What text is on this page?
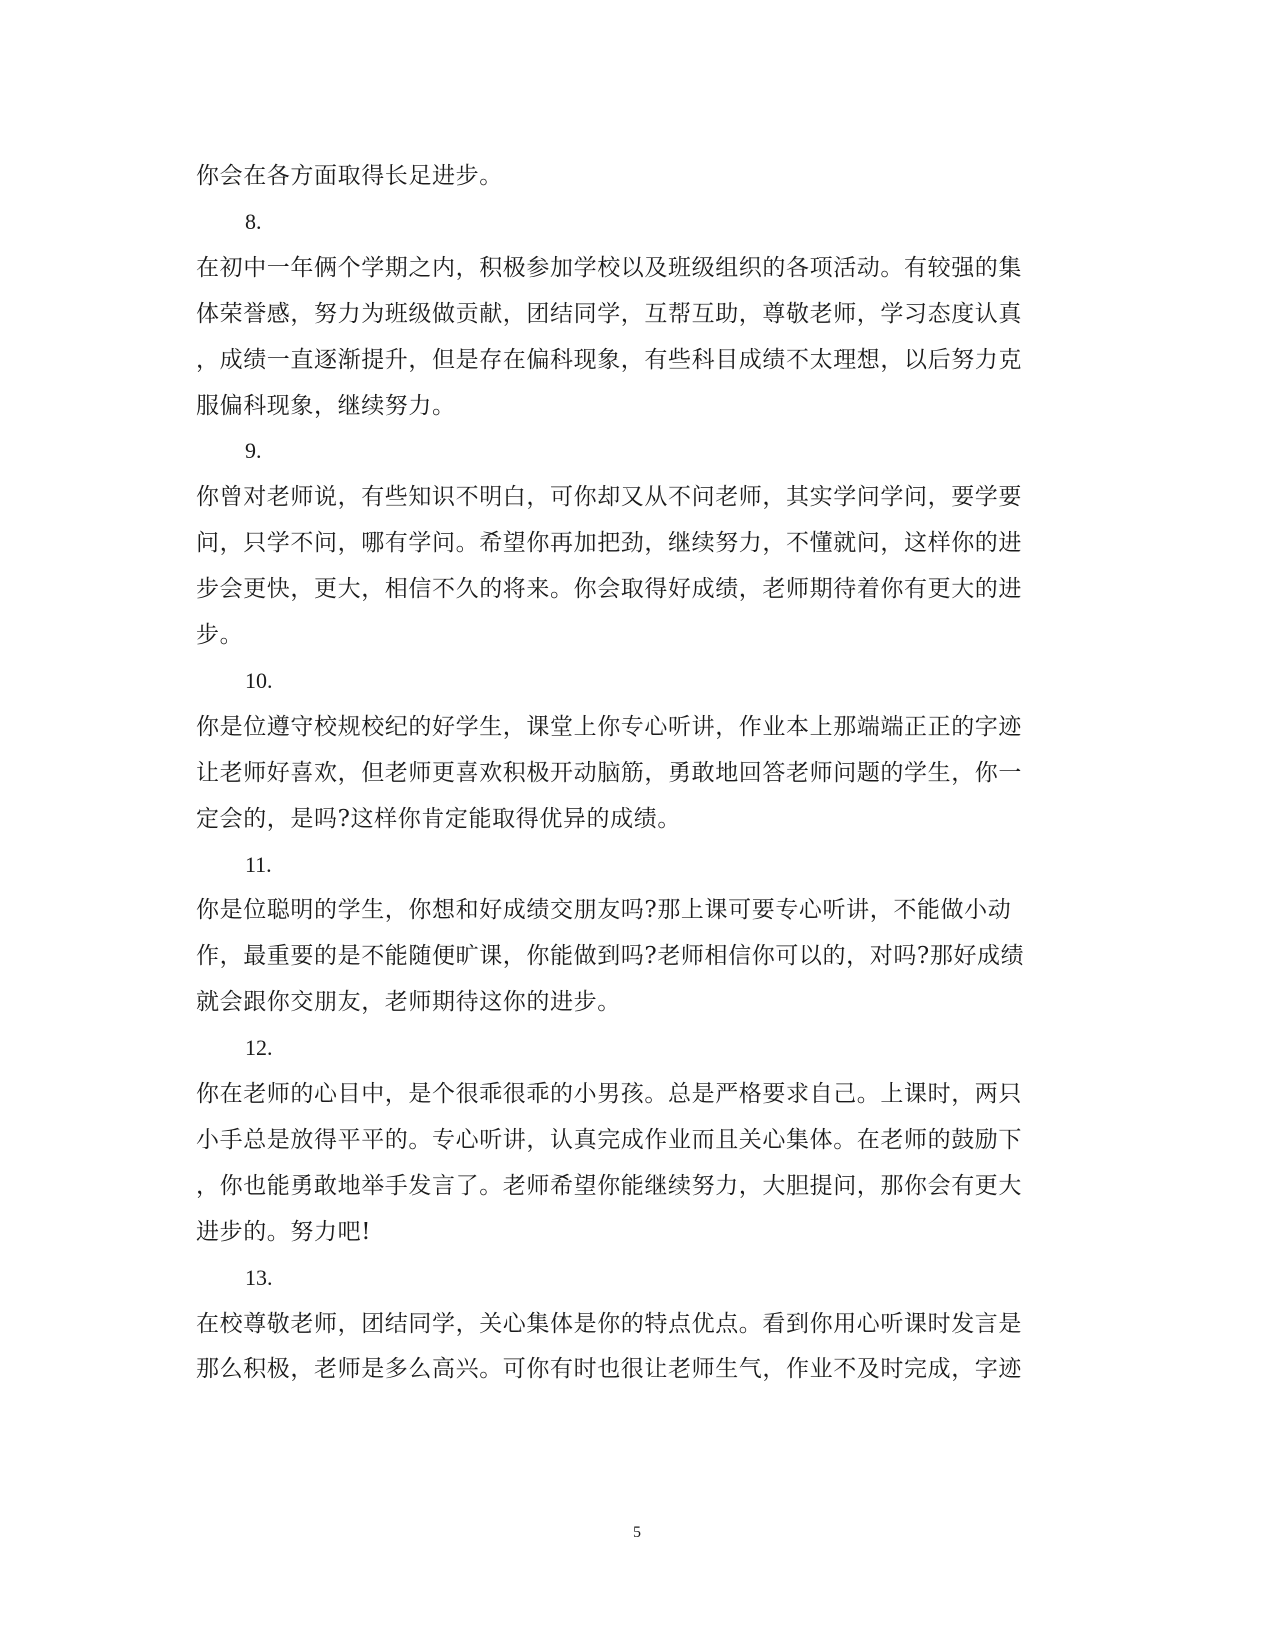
你会在各方面取得长足进步。
8.
在初中一年俩个学期之内，积极参加学校以及班级组织的各项活动。有较强的集
体荣誉感，努力为班级做贡献，团结同学，互帮互助，尊敬老师，学习态度认真
，成绩一直逐渐提升，但是存在偏科现象，有些科目成绩不太理想，以后努力克
服偏科现象，继续努力。
9.
你曾对老师说，有些知识不明白，可你却又从不问老师，其实学问学问，要学要
问，只学不问，哪有学问。希望你再加把劲，继续努力，不懂就问，这样你的进
步会更快，更大，相信不久的将来。你会取得好成绩，老师期待着你有更大的进
步。
10.
你是位遵守校规校纪的好学生，课堂上你专心听讲，作业本上那端端正正的字迹
让老师好喜欢，但老师更喜欢积极开动脑筋，勇敢地回答老师问题的学生，你一
定会的，是吗?这样你肯定能取得优异的成绩。
11.
你是位聪明的学生，你想和好成绩交朋友吗?那上课可要专心听讲，不能做小动
作，最重要的是不能随便旷课，你能做到吗?老师相信你可以的，对吗?那好成绩
就会跟你交朋友，老师期待这你的进步。
12.
你在老师的心目中，是个很乖很乖的小男孩。总是严格要求自己。上课时，两只
小手总是放得平平的。专心听讲，认真完成作业而且关心集体。在老师的鼓励下
，你也能勇敢地举手发言了。老师希望你能继续努力，大胆提问，那你会有更大
进步的。努力吧!
13.
在校尊敬老师，团结同学，关心集体是你的特点优点。看到你用心听课时发言是
那么积极，老师是多么高兴。可你有时也很让老师生气，作业不及时完成，字迹
5
